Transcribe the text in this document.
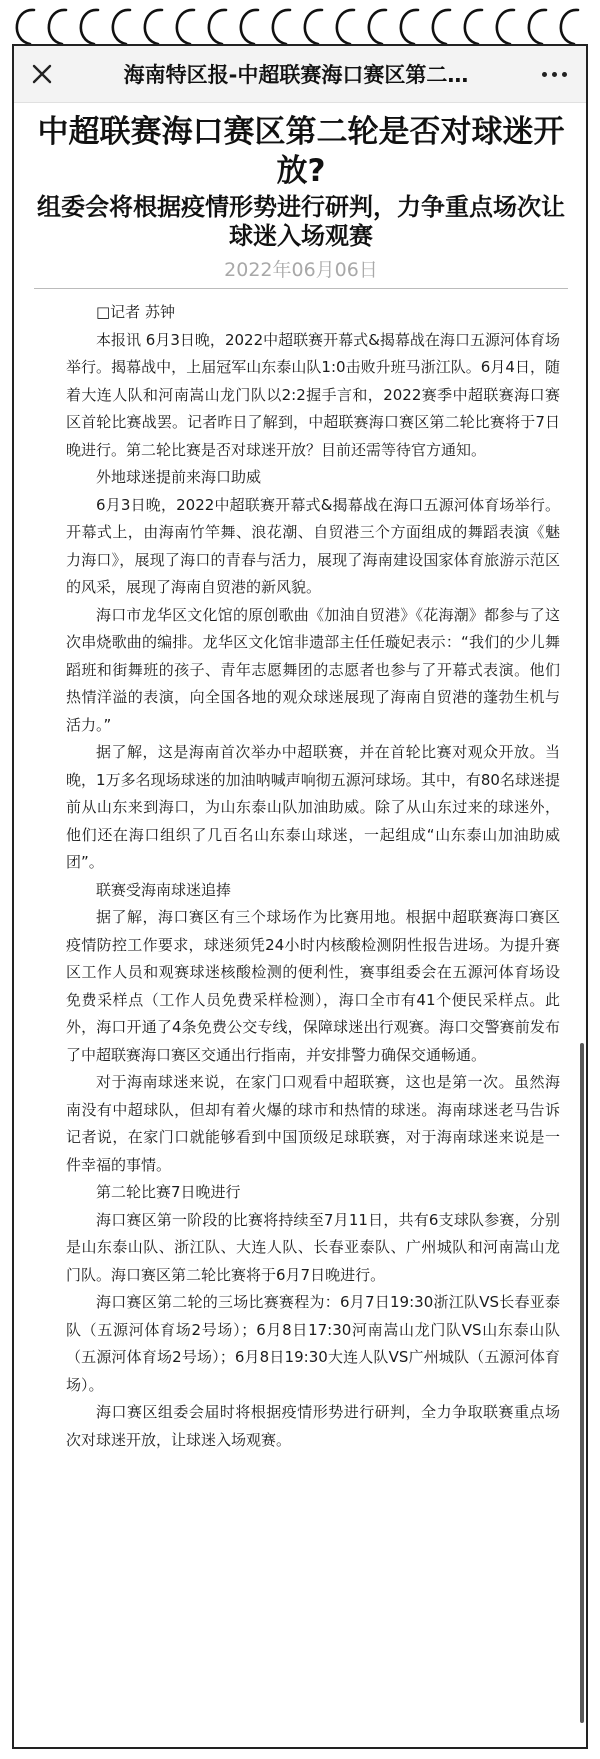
海南特区报-中超联赛海口赛区第二…
中超联赛海口赛区第二轮是否对球迷开放?
组委会将根据疫情形势进行研判，力争重点场次让球迷入场观赛
2022年06月06日

□记者 苏钟

本报讯 6月3日晚，2022中超联赛开幕式&揭幕战在海口五源河体育场举行。揭幕战中，上届冠军山东泰山队1:0击败升班马浙江队。6月4日，随着大连人队和河南嵩山龙门队以2:2握手言和，2022赛季中超联赛海口赛区首轮比赛战罢。记者昨日了解到，中超联赛海口赛区第二轮比赛将于7日晚进行。第二轮比赛是否对球迷开放？目前还需等待官方通知。

外地球迷提前来海口助威

6月3日晚，2022中超联赛开幕式&揭幕战在海口五源河体育场举行。开幕式上，由海南竹竿舞、浪花潮、自贸港三个方面组成的舞蹈表演《魅力海口》，展现了海口的青春与活力，展现了海南建设国家体育旅游示范区的风采，展现了海南自贸港的新风貌。

海口市龙华区文化馆的原创歌曲《加油自贸港》《花海潮》都参与了这次串烧歌曲的编排。龙华区文化馆非遗部主任任璇妃表示：“我们的少儿舞蹈班和街舞班的孩子、青年志愿舞团的志愿者也参与了开幕式表演。他们热情洋溢的表演，向全国各地的观众球迷展现了海南自贸港的蓬勃生机与活力。”

据了解，这是海南首次举办中超联赛，并在首轮比赛对观众开放。当晚，1万多名现场球迷的加油呐喊声响彻五源河球场。其中，有80名球迷提前从山东来到海口，为山东泰山队加油助威。除了从山东过来的球迷外，他们还在海口组织了几百名山东泰山球迷，一起组成“山东泰山加油助威团”。

联赛受海南球迷追捧

据了解，海口赛区有三个球场作为比赛用地。根据中超联赛海口赛区疫情防控工作要求，球迷须凭24小时内核酸检测阴性报告进场。为提升赛区工作人员和观赛球迷核酸检测的便利性，赛事组委会在五源河体育场设免费采样点（工作人员免费采样检测），海口全市有41个便民采样点。此外，海口开通了4条免费公交专线，保障球迷出行观赛。海口交警赛前发布了中超联赛海口赛区交通出行指南，并安排警力确保交通畅通。

对于海南球迷来说，在家门口观看中超联赛，这也是第一次。虽然海南没有中超球队，但却有着火爆的球市和热情的球迷。海南球迷老马告诉记者说，在家门口就能够看到中国顶级足球联赛，对于海南球迷来说是一件幸福的事情。

第二轮比赛7日晚进行

海口赛区第一阶段的比赛将持续至7月11日，共有6支球队参赛，分别是山东泰山队、浙江队、大连人队、长春亚泰队、广州城队和河南嵩山龙门队。海口赛区第二轮比赛将于6月7日晚进行。

海口赛区第二轮的三场比赛赛程为：6月7日19:30浙江队VS长春亚泰队（五源河体育场2号场）；6月8日17:30河南嵩山龙门队VS山东泰山队（五源河体育场2号场）；6月8日19:30大连人队VS广州城队（五源河体育场）。

海口赛区组委会届时将根据疫情形势进行研判，全力争取联赛重点场次对球迷开放，让球迷入场观赛。
